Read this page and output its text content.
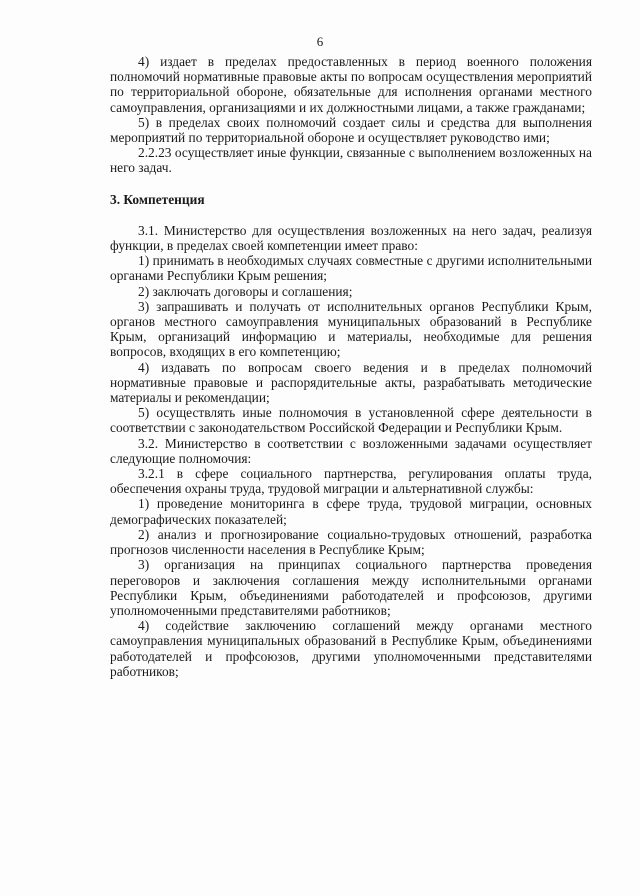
6

4) издает в пределах предоставленных в период военного положения полномочий нормативные правовые акты по вопросам осуществления мероприятий по территориальной обороне, обязательные для исполнения органами местного самоуправления, организациями и их должностными лицами, а также гражданами;

5) в пределах своих полномочий создает силы и средства для выполнения мероприятий по территориальной обороне и осуществляет руководство ими;

2.2.23 осуществляет иные функции, связанные с выполнением возложенных на него задач.

3. Компетенция

3.1. Министерство для осуществления возложенных на него задач, реализуя функции, в пределах своей компетенции имеет право:

1) принимать в необходимых случаях совместные с другими исполнительными органами Республики Крым решения;

2) заключать договоры и соглашения;

3) запрашивать и получать от исполнительных органов Республики Крым, органов местного самоуправления муниципальных образований в Республике Крым, организаций информацию и материалы, необходимые для решения вопросов, входящих в его компетенцию;

4) издавать по вопросам своего ведения и в пределах полномочий нормативные правовые и распорядительные акты, разрабатывать методические материалы и рекомендации;

5) осуществлять иные полномочия в установленной сфере деятельности в соответствии с законодательством Российской Федерации и Республики Крым.

3.2. Министерство в соответствии с возложенными задачами осуществляет следующие полномочия:

3.2.1 в сфере социального партнерства, регулирования оплаты труда, обеспечения охраны труда, трудовой миграции и альтернативной службы:

1) проведение мониторинга в сфере труда, трудовой миграции, основных демографических показателей;

2) анализ и прогнозирование социально-трудовых отношений, разработка прогнозов численности населения в Республике Крым;

3) организация на принципах социального партнерства проведения переговоров и заключения соглашения между исполнительными органами Республики Крым, объединениями работодателей и профсоюзов, другими уполномоченными представителями работников;

4) содействие заключению соглашений между органами местного самоуправления муниципальных образований в Республике Крым, объединениями работодателей и профсоюзов, другими уполномоченными представителями работников;
